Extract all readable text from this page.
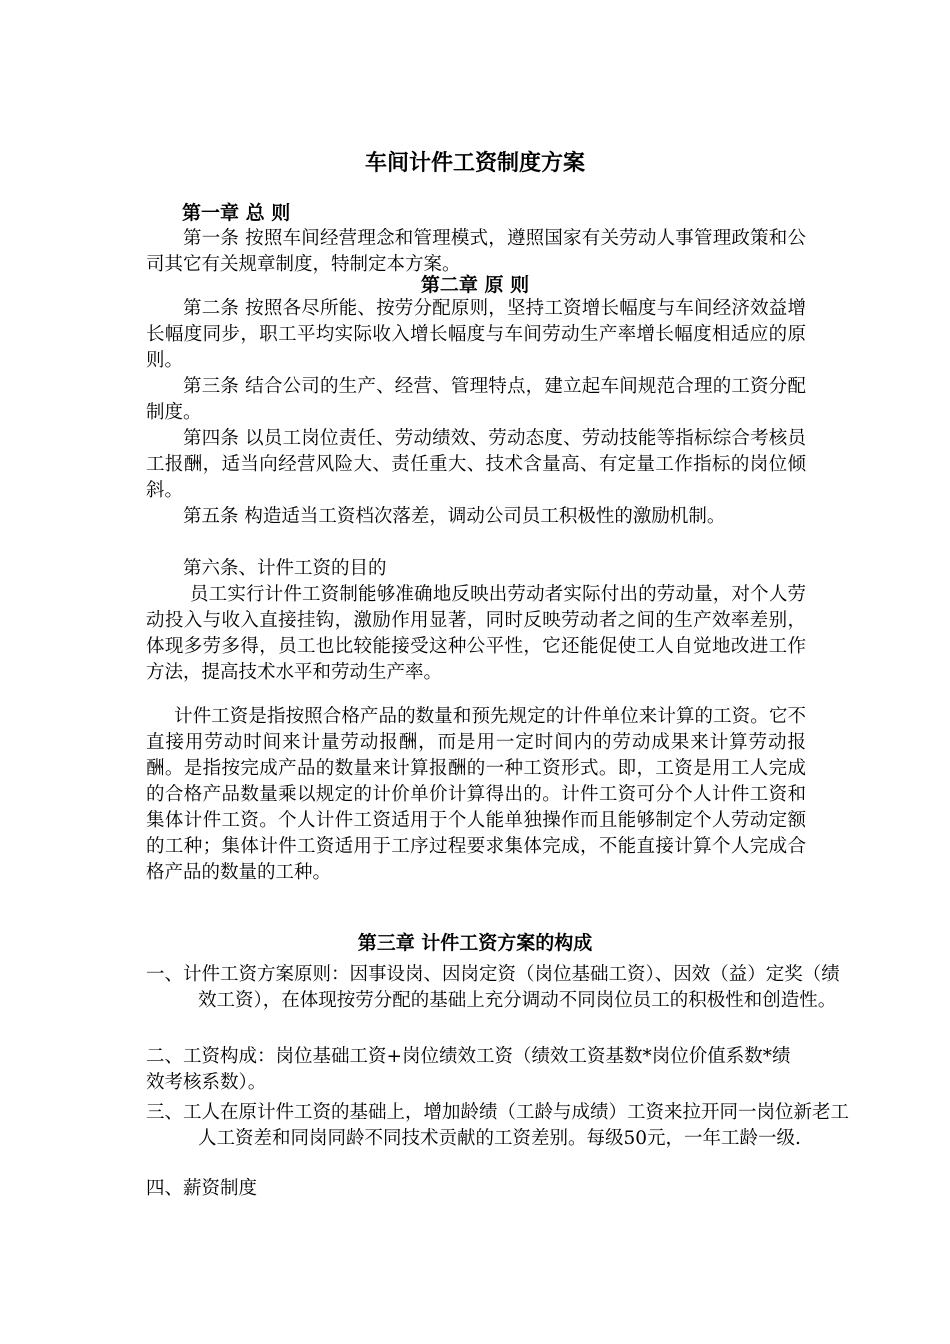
车间计件工资制度方案
第一章 总 则

第一条 按照车间经营理念和管理模式，遵照国家有关劳动人事管理政策和公司其它有关规章制度，特制定本方案。

第二章 原 则

第二条 按照各尽所能、按劳分配原则，坚持工资增长幅度与车间经济效益增长幅度同步，职工平均实际收入增长幅度与车间劳动生产率增长幅度相适应的原则。

第三条 结合公司的生产、经营、管理特点，建立起车间规范合理的工资分配制度。

第四条 以员工岗位责任、劳动绩效、劳动态度、劳动技能等指标综合考核员工报酬，适当向经营风险大、责任重大、技术含量高、有定量工作指标的岗位倾斜。

第五条 构造适当工资档次落差，调动公司员工积极性的激励机制。

第六条、计件工资的目的

员工实行计件工资制能够准确地反映出劳动者实际付出的劳动量，对个人劳动投入与收入直接挂钩，激励作用显著，同时反映劳动者之间的生产效率差别，体现多劳多得，员工也比较能接受这种公平性，它还能促使工人自觉地改进工作方法，提高技术水平和劳动生产率。

计件工资是指按照合格产品的数量和预先规定的计件单位来计算的工资。它不直接用劳动时间来计量劳动报酬，而是用一定时间内的劳动成果来计算劳动报酬。是指按完成产品的数量来计算报酬的一种工资形式。即，工资是用工人完成的合格产品数量乘以规定的计价单价计算得出的。计件工资可分个人计件工资和集体计件工资。个人计件工资适用于个人能单独操作而且能够制定个人劳动定额的工种；集体计件工资适用于工序过程要求集体完成，不能直接计算个人完成合格产品的数量的工种。

第三章 计件工资方案的构成

一、计件工资方案原则：因事设岗、因岗定资（岗位基础工资）、因效（益）定奖（绩效工资），在体现按劳分配的基础上充分调动不同岗位员工的积极性和创造性。

二、工资构成：岗位基础工资+岗位绩效工资（绩效工资基数*岗位价值系数*绩效考核系数）。

三、工人在原计件工资的基础上，增加龄绩（工龄与成绩）工资来拉开同一岗位新老工人工资差和同岗同龄不同技术贡献的工资差别。每级50元，一年工龄一级.

四、薪资制度
